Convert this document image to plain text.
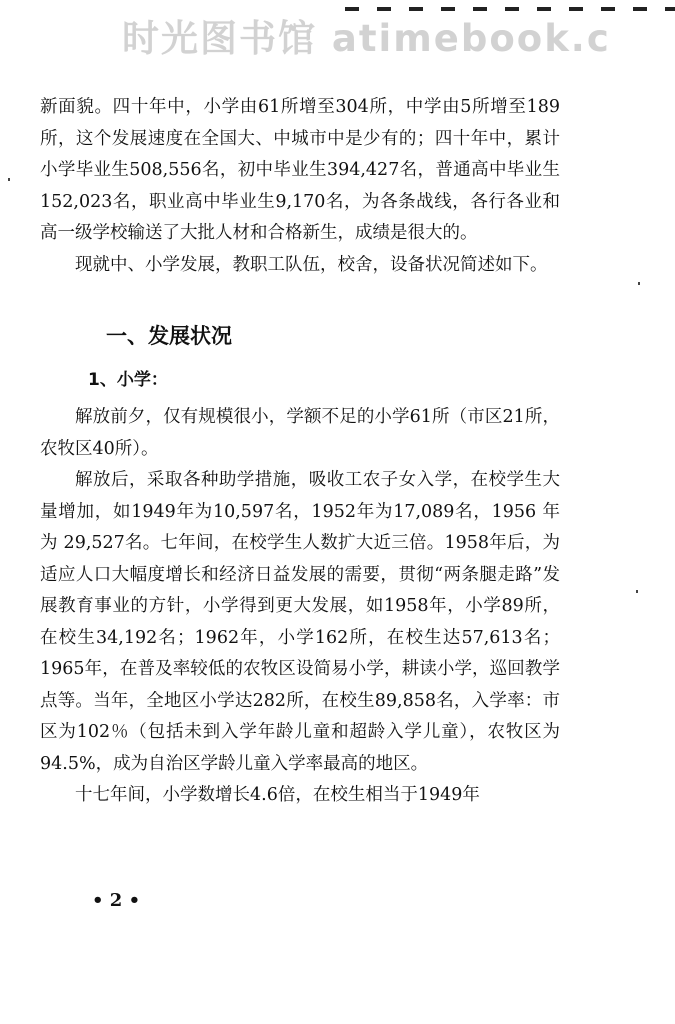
时光图书馆 atimebook.c

新面貌。四十年中，小学由61所增至304所，中学由5所增至189所，这个发展速度在全国大、中城市中是少有的；四十年中，累计小学毕业生508,556名，初中毕业生394,427名，普通高中毕业生152,023名，职业高中毕业生9,170名，为各条战线，各行各业和高一级学校输送了大批人材和合格新生，成绩是很大的。

现就中、小学发展，教职工队伍，校舍，设备状况简述如下。

一、发展状况
1、小学：

解放前夕，仅有规模很小，学额不足的小学61所（市区21所，农牧区40所）。

解放后，采取各种助学措施，吸收工农子女入学，在校学生大量增加，如1949年为10,597名，1952年为17,089名，1956 年 为 29,527名。七年间，在校学生人数扩大近三倍。1958年后，为适应人口大幅度增长和经济日益发展的需要，贯彻“两条腿走路”发展教育事业的方针，小学得到更大发展，如1958年，小学89所，在校生34,192名；1962年，小学162所，在校生达57,613名；1965年，在普及率较低的农牧区设简易小学，耕读小学，巡回教学点等。当年，全地区小学达282所，在校生89,858名，入学率：市区为102％（包括未到入学年龄儿童和超龄入学儿童），农牧区为94.5%，成为自治区学龄儿童入学率最高的地区。

十七年间，小学数增长4.6倍，在校生相当于1949年

• 2 •
